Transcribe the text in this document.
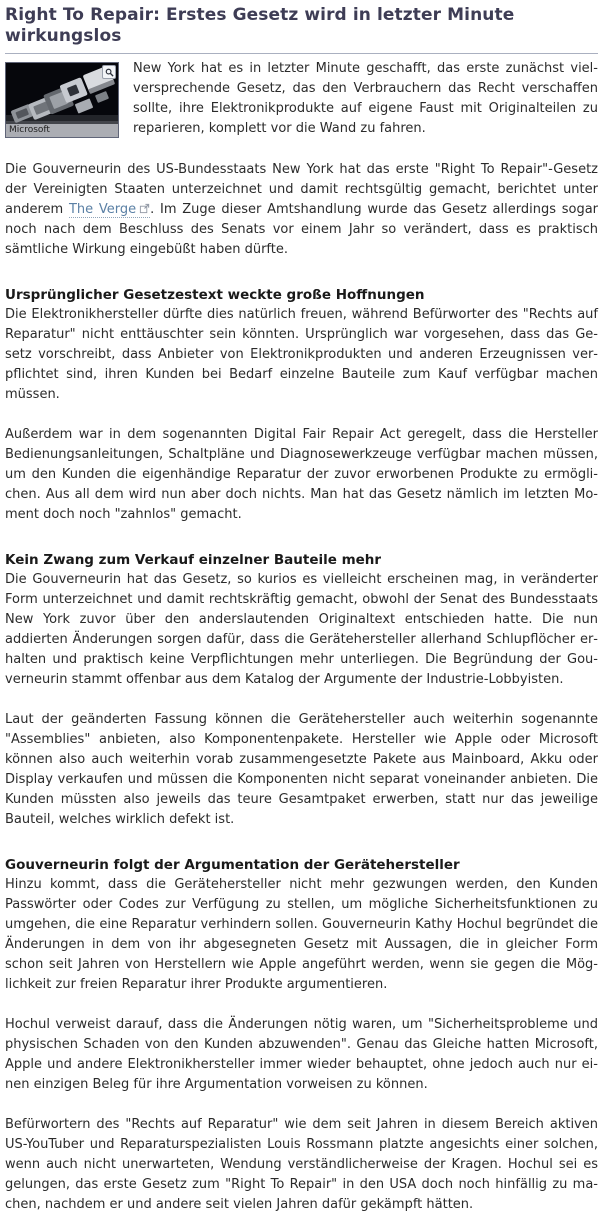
Right To Repair: Erstes Gesetz wird in letzter Minute wirkungslos
Microsoft

New York hat es in letzter Minute geschafft, das erste zunächst vielversprechende Gesetz, das den Verbrauchern das Recht verschaffen sollte, ihre Elektronikprodukte auf eigene Faust mit Originalteilen zu reparieren, komplett vor die Wand zu fahren.

Die Gouverneurin des US-Bundesstaats New York hat das erste "Right To Repair"-Gesetz der Vereinigten Staaten unterzeichnet und damit rechtsgültig gemacht, berichtet unter anderem The Verge . Im Zuge dieser Amtshandlung wurde das Gesetz allerdings sogar noch nach dem Beschluss des Senats vor einem Jahr so verändert, dass es praktisch sämtliche Wirkung eingebüßt haben dürfte.

Ursprünglicher Gesetzestext weckte große Hoffnungen

Die Elektronikhersteller dürfte dies natürlich freuen, während Befürworter des "Rechts auf Reparatur" nicht enttäuschter sein könnten. Ursprünglich war vorgesehen, dass das Gesetz vorschreibt, dass Anbieter von Elektronikprodukten und anderen Erzeugnissen verpflichtet sind, ihren Kunden bei Bedarf einzelne Bauteile zum Kauf verfügbar machen müssen.

Außerdem war in dem sogenannten Digital Fair Repair Act geregelt, dass die Hersteller Bedienungsanleitungen, Schaltpläne und Diagnosewerkzeuge verfügbar machen müssen, um den Kunden die eigenhändige Reparatur der zuvor erworbenen Produkte zu ermöglichen. Aus all dem wird nun aber doch nichts. Man hat das Gesetz nämlich im letzten Moment doch noch "zahnlos" gemacht.

Kein Zwang zum Verkauf einzelner Bauteile mehr

Die Gouverneurin hat das Gesetz, so kurios es vielleicht erscheinen mag, in veränderter Form unterzeichnet und damit rechtskräftig gemacht, obwohl der Senat des Bundesstaats New York zuvor über den anderslautenden Originaltext entschieden hatte. Die nun addierten Änderungen sorgen dafür, dass die Gerätehersteller allerhand Schlupflöcher erhalten und praktisch keine Verpflichtungen mehr unterliegen. Die Begründung der Gouverneurin stammt offenbar aus dem Katalog der Argumente der Industrie-Lobbyisten.

Laut der geänderten Fassung können die Gerätehersteller auch weiterhin sogenannte "Assemblies" anbieten, also Komponentenpakete. Hersteller wie Apple oder Microsoft können also auch weiterhin vorab zusammengesetzte Pakete aus Mainboard, Akku oder Display verkaufen und müssen die Komponenten nicht separat voneinander anbieten. Die Kunden müssten also jeweils das teure Gesamtpaket erwerben, statt nur das jeweilige Bauteil, welches wirklich defekt ist.

Gouverneurin folgt der Argumentation der Gerätehersteller

Hinzu kommt, dass die Gerätehersteller nicht mehr gezwungen werden, den Kunden Passwörter oder Codes zur Verfügung zu stellen, um mögliche Sicherheitsfunktionen zu umgehen, die eine Reparatur verhindern sollen. Gouverneurin Kathy Hochul begründet die Änderungen in dem von ihr abgesegneten Gesetz mit Aussagen, die in gleicher Form schon seit Jahren von Herstellern wie Apple angeführt werden, wenn sie gegen die Möglichkeit zur freien Reparatur ihrer Produkte argumentieren.

Hochul verweist darauf, dass die Änderungen nötig waren, um "Sicherheitsprobleme und physischen Schaden von den Kunden abzuwenden". Genau das Gleiche hatten Microsoft, Apple und andere Elektronikhersteller immer wieder behauptet, ohne jedoch auch nur einen einzigen Beleg für ihre Argumentation vorweisen zu können.

Befürwortern des "Rechts auf Reparatur" wie dem seit Jahren in diesem Bereich aktiven US-YouTuber und Reparaturspezialisten Louis Rossmann platzte angesichts einer solchen, wenn auch nicht unerwarteten, Wendung verständlicherweise der Kragen. Hochul sei es gelungen, das erste Gesetz zum "Right To Repair" in den USA doch noch hinfällig zu machen, nachdem er und andere seit vielen Jahren dafür gekämpft hätten.
